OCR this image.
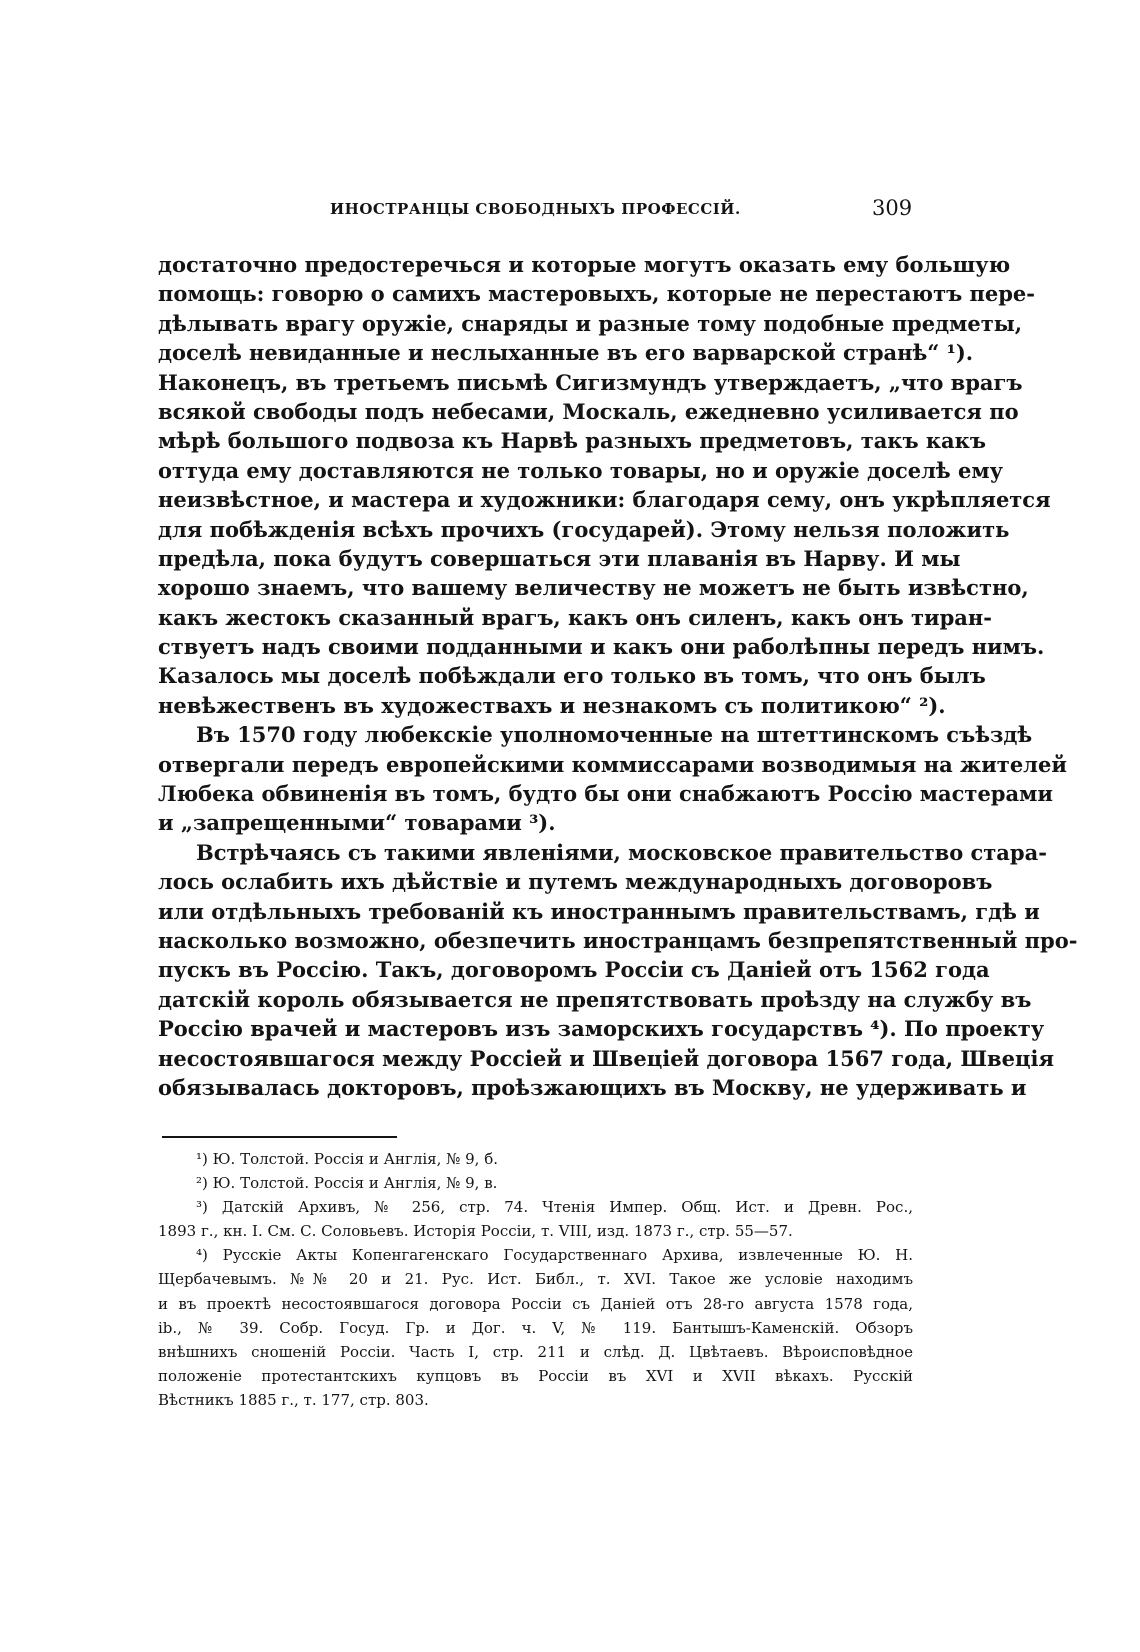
ИНОСТРАНЦЫ СВОБОДНЫХЪ ПРОФЕССІЙ.	309
достаточно предостеречься и которые могутъ оказать ему большую
помощь: говорю о самихъ мастеровыхъ, которые не перестаютъ пере-
дѣлывать врагу оружіе, снаряды и разные тому подобные предметы,
доселѣ невиданные и неслыханные въ его варварской странѣ“ ¹).
Наконецъ, въ третьемъ письмѣ Сигизмундъ утверждаетъ, „что врагъ
всякой свободы подъ небесами, Москаль, ежедневно усиливается по
мѣрѣ большого подвоза къ Нарвѣ разныхъ предметовъ, такъ какъ
оттуда ему доставляются не только товары, но и оружіе доселѣ ему
неизвѣстное, и мастера и художники: благодаря сему, онъ укрѣпляется
для побѣжденія всѣхъ прочихъ (государей). Этому нельзя положить
предѣла, пока будутъ совершаться эти плаванія въ Нарву. И мы
хорошо знаемъ, что вашему величеству не можетъ не быть извѣстно,
какъ жестокъ сказанный врагъ, какъ онъ силенъ, какъ онъ тиран-
ствуетъ надъ своими подданными и какъ они раболѣпны передъ нимъ.
Казалось мы доселѣ побѣждали его только въ томъ, что онъ былъ
невѣжественъ въ художествахъ и незнакомъ съ политикою“ ²).
Въ 1570 году любекскіе уполномоченные на штеттинскомъ съѣздѣ
отвергали передъ европейскими коммиссарами возводимыя на жителей
Любека обвиненія въ томъ, будто бы они снабжаютъ Россію мастерами
и „запрещенными“ товарами ³).
Встрѣчаясь съ такими явленіями, московское правительство стара-
лось ослабить ихъ дѣйствіе и путемъ международныхъ договоровъ
или отдѣльныхъ требованій къ иностраннымъ правительствамъ, гдѣ и
насколько возможно, обезпечить иностранцамъ безпрепятственный про-
пускъ въ Россію. Такъ, договоромъ Россіи съ Даніей отъ 1562 года
датскій король обязывается не препятствовать проѣзду на службу въ
Россію врачей и мастеровъ изъ заморскихъ государствъ ⁴). По проекту
несостоявшагося между Россіей и Швеціей договора 1567 года, Швеція
обязывалась докторовъ, проѣзжающихъ въ Москву, не удерживать и
¹) Ю. Толстой. Россія и Англія, № 9, б.
²) Ю. Толстой. Россія и Англія, № 9, в.
³) Датскій Архивъ, № 256, стр. 74. Чтенія Импер. Общ. Ист. и Древн. Рос.,
1893 г., кн. I. См. С. Соловьевъ. Исторія Россіи, т. VIII, изд. 1873 г., стр. 55—57.
⁴) Русскіе Акты Копенгагенскаго Государственнаго Архива, извлеченные Ю. Н.
Щербачевымъ. №№ 20 и 21. Рус. Ист. Библ., т. XVI. Такое же условіе находимъ
и въ проектѣ несостоявшагося договора Россіи съ Даніей отъ 28-го августа 1578 года,
ib., № 39. Собр. Госуд. Гр. и Дог. ч. V, № 119. Бантышъ-Каменскій. Обзоръ
внѣшнихъ сношеній Россіи. Часть I, стр. 211 и слѣд. Д. Цвѣтаевъ. Вѣроисповѣдное
положеніе протестантскихъ купцовъ въ Россіи въ XVI и XVII вѣкахъ. Русскій
Вѣстникъ 1885 г., т. 177, стр. 803.
